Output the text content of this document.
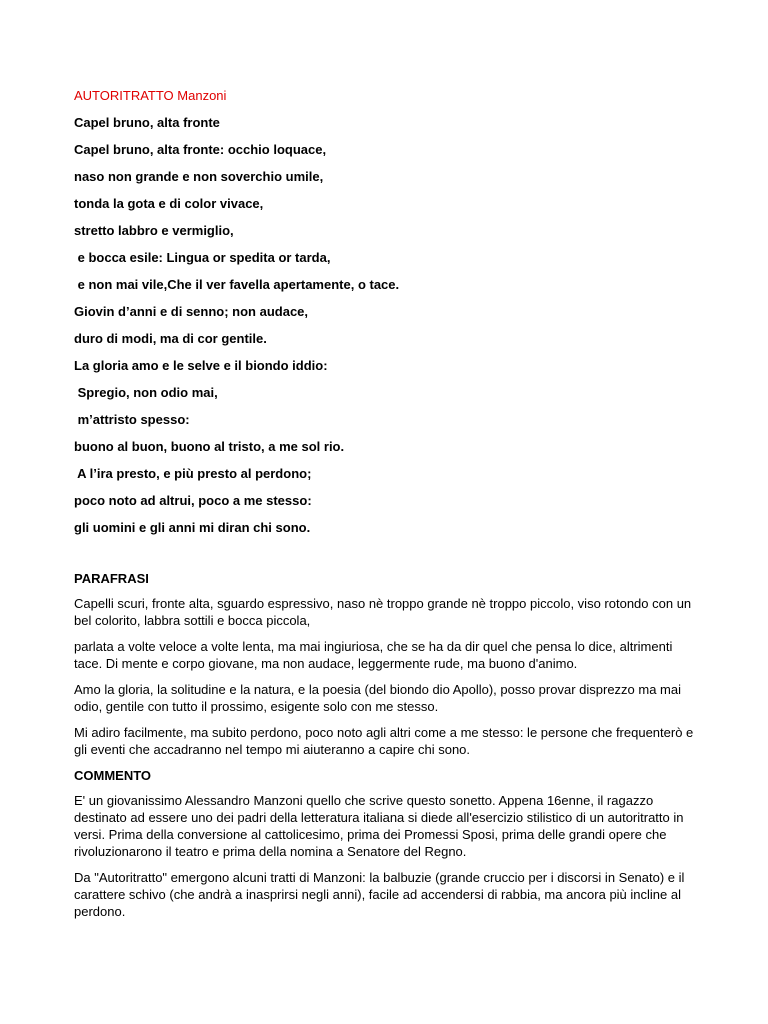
AUTORITRATTO Manzoni
Capel bruno, alta fronte
Capel bruno, alta fronte: occhio loquace,
naso non grande e non soverchio umile,
tonda la gota e di color vivace,
stretto labbro e vermiglio,
e bocca esile: Lingua or spedita or tarda,
e non mai vile,Che il ver favella apertamente, o tace.
Giovin d’anni e di senno; non audace,
duro di modi, ma di cor gentile.
La gloria amo e le selve e il biondo iddio:
Spregio, non odio mai,
m’attristo spesso:
buono al buon, buono al tristo, a me sol rio.
A l’ira presto, e più presto al perdono;
poco noto ad altrui, poco a me stesso:
gli uomini e gli anni mi diran chi sono.
PARAFRASI

Capelli scuri, fronte alta, sguardo espressivo, naso nè troppo grande nè troppo piccolo, viso rotondo con un bel colorito, labbra sottili e bocca piccola,

parlata a volte veloce a volte lenta, ma mai ingiuriosa, che se ha da dir quel che pensa lo dice, altrimenti tace. Di mente e corpo giovane, ma non audace, leggermente rude, ma buono d'animo.

Amo la gloria, la solitudine e la natura, e la poesia (del biondo dio Apollo), posso provar disprezzo ma mai odio, gentile con tutto il prossimo, esigente solo con me stesso.

Mi adiro facilmente, ma subito perdono, poco noto agli altri come a me stesso: le persone che frequenterò e gli eventi che accadranno nel tempo mi aiuteranno a capire chi sono.

COMMENTO

E' un giovanissimo Alessandro Manzoni quello che scrive questo sonetto. Appena 16enne, il ragazzo destinato ad essere uno dei padri della letteratura italiana si diede all'esercizio stilistico di un autoritratto in versi. Prima della conversione al cattolicesimo, prima dei Promessi Sposi, prima delle grandi opere che rivoluzionarono il teatro e prima della nomina a Senatore del Regno.

Da "Autoritratto" emergono alcuni tratti di Manzoni: la balbuzie (grande cruccio per i discorsi in Senato) e il carattere schivo (che andrà a inasprirsi negli anni), facile ad accendersi di rabbia, ma ancora più incline al perdono.
